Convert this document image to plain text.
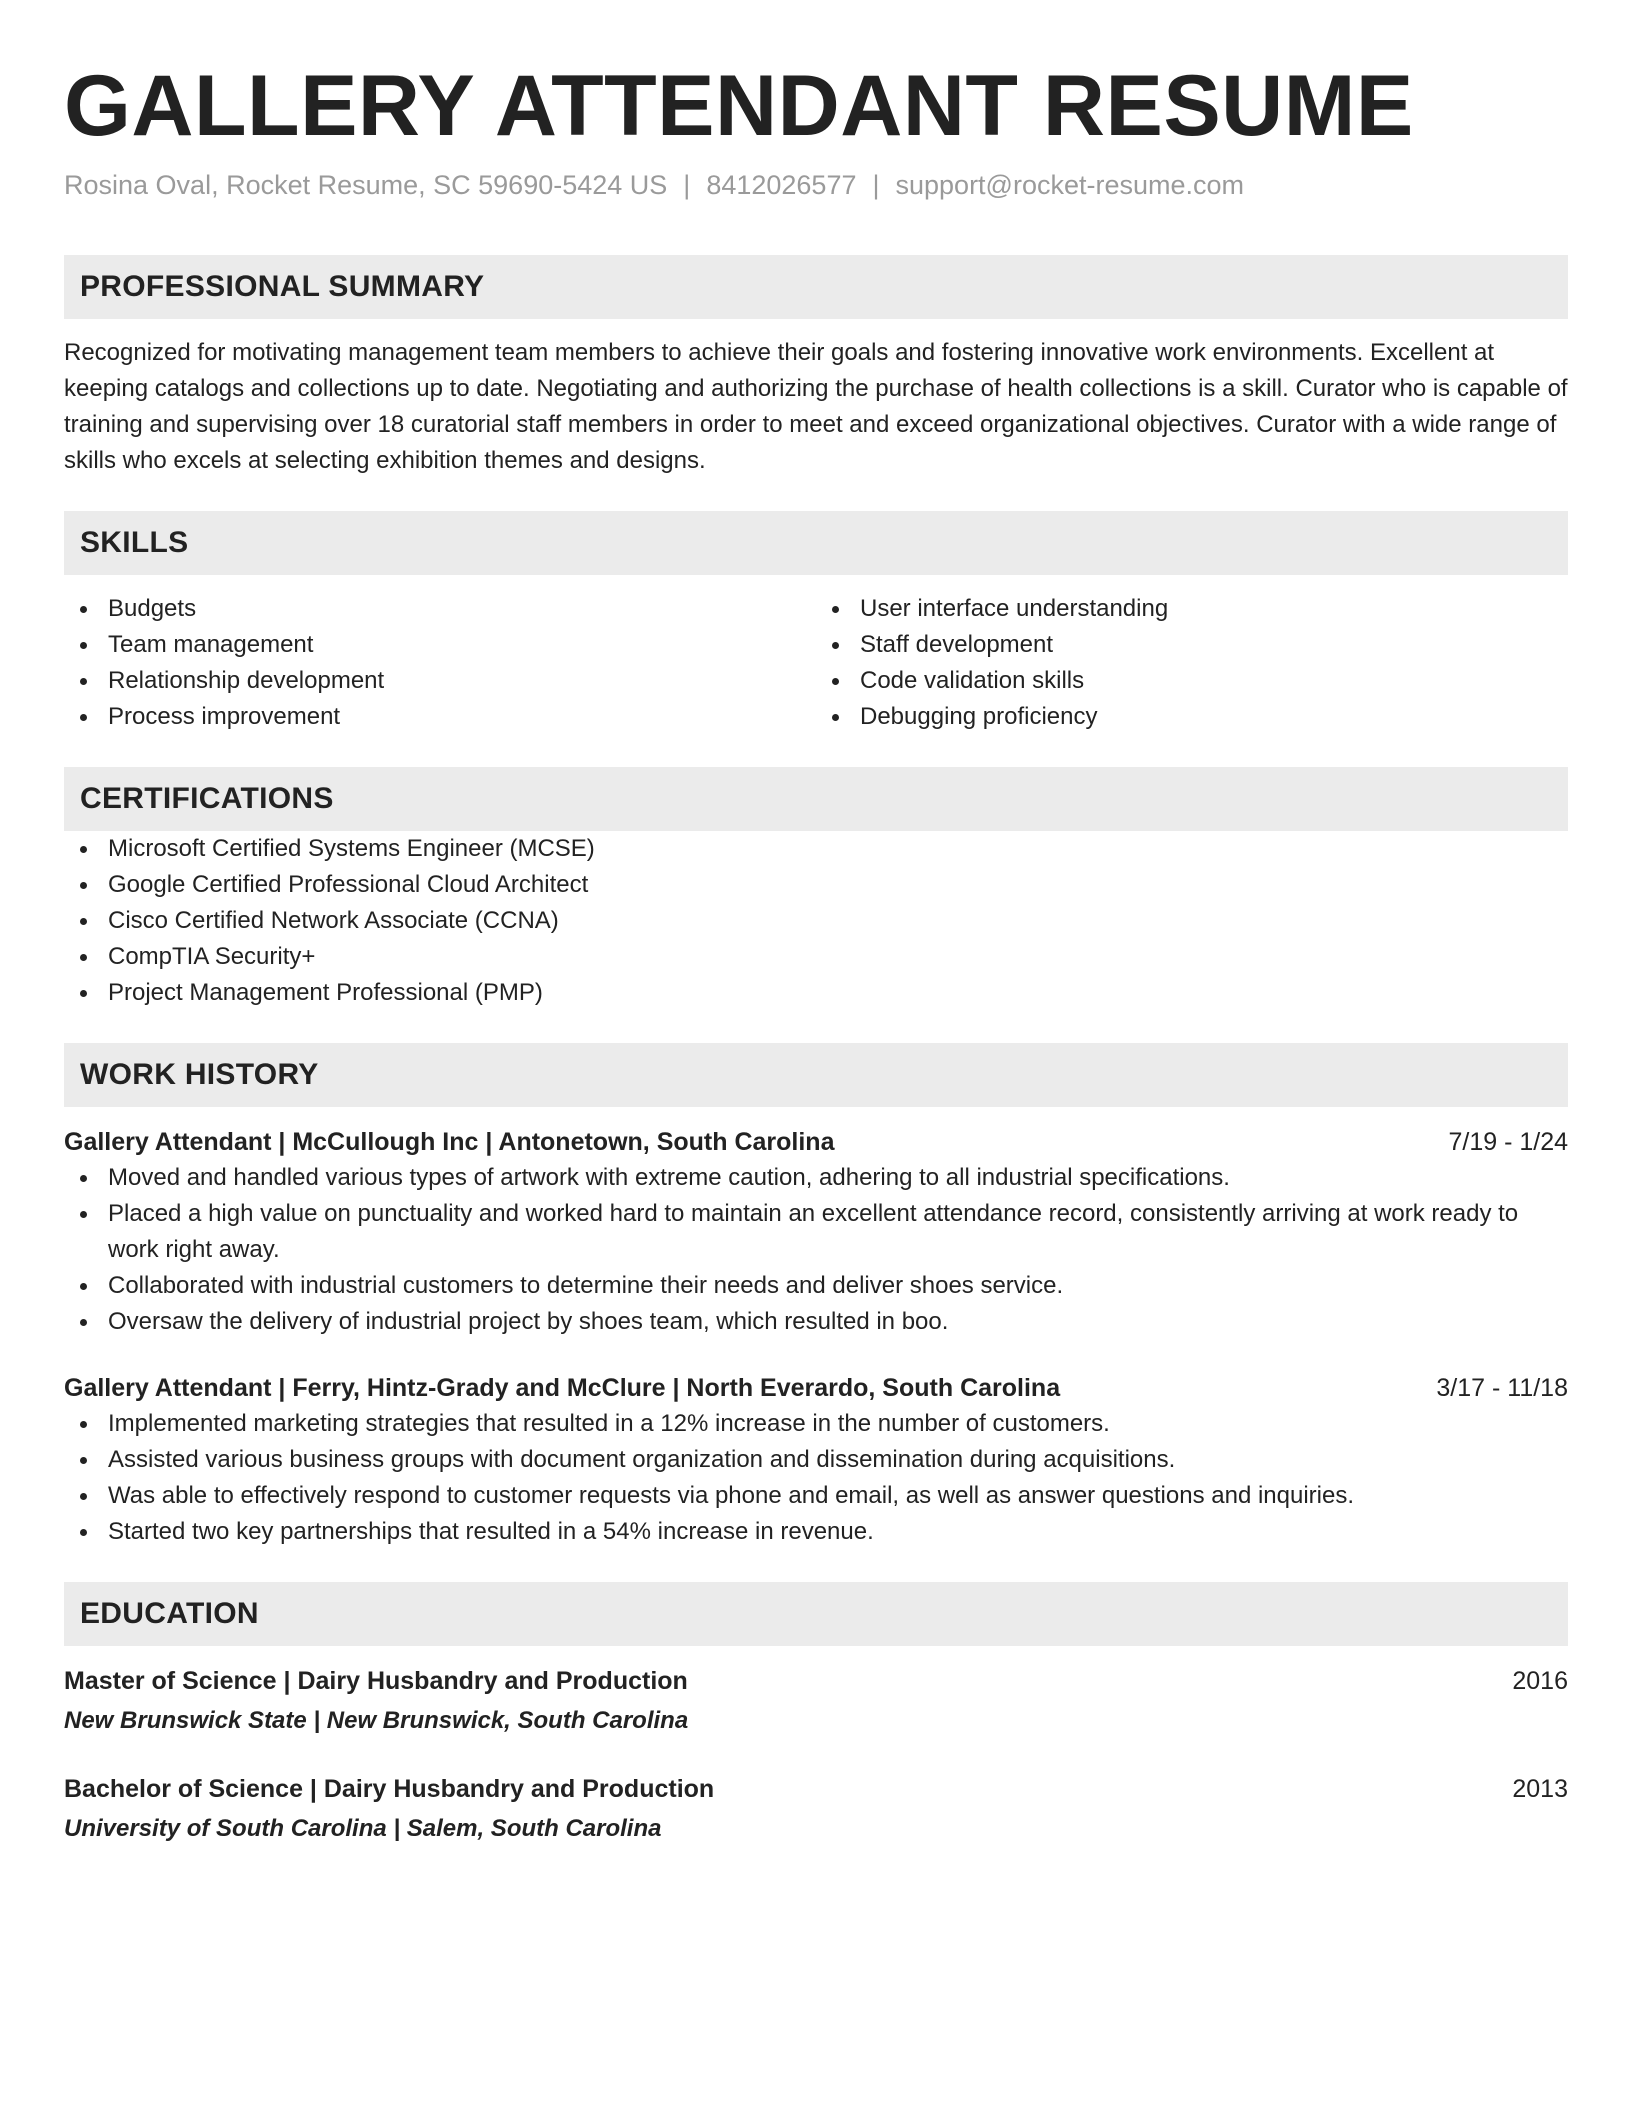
GALLERY ATTENDANT RESUME
Rosina Oval, Rocket Resume, SC 59690-5424 US | 8412026577 | support@rocket-resume.com
PROFESSIONAL SUMMARY
Recognized for motivating management team members to achieve their goals and fostering innovative work environments. Excellent at keeping catalogs and collections up to date. Negotiating and authorizing the purchase of health collections is a skill. Curator who is capable of training and supervising over 18 curatorial staff members in order to meet and exceed organizational objectives. Curator with a wide range of skills who excels at selecting exhibition themes and designs.
SKILLS
Budgets
Team management
Relationship development
Process improvement
User interface understanding
Staff development
Code validation skills
Debugging proficiency
CERTIFICATIONS
Microsoft Certified Systems Engineer (MCSE)
Google Certified Professional Cloud Architect
Cisco Certified Network Associate (CCNA)
CompTIA Security+
Project Management Professional (PMP)
WORK HISTORY
Gallery Attendant | McCullough Inc | Antonetown, South Carolina	7/19 - 1/24
Moved and handled various types of artwork with extreme caution, adhering to all industrial specifications.
Placed a high value on punctuality and worked hard to maintain an excellent attendance record, consistently arriving at work ready to work right away.
Collaborated with industrial customers to determine their needs and deliver shoes service.
Oversaw the delivery of industrial project by shoes team, which resulted in boo.
Gallery Attendant | Ferry, Hintz-Grady and McClure | North Everardo, South Carolina	3/17 - 11/18
Implemented marketing strategies that resulted in a 12% increase in the number of customers.
Assisted various business groups with document organization and dissemination during acquisitions.
Was able to effectively respond to customer requests via phone and email, as well as answer questions and inquiries.
Started two key partnerships that resulted in a 54% increase in revenue.
EDUCATION
Master of Science | Dairy Husbandry and Production	2016
New Brunswick State | New Brunswick, South Carolina
Bachelor of Science | Dairy Husbandry and Production	2013
University of South Carolina | Salem, South Carolina
